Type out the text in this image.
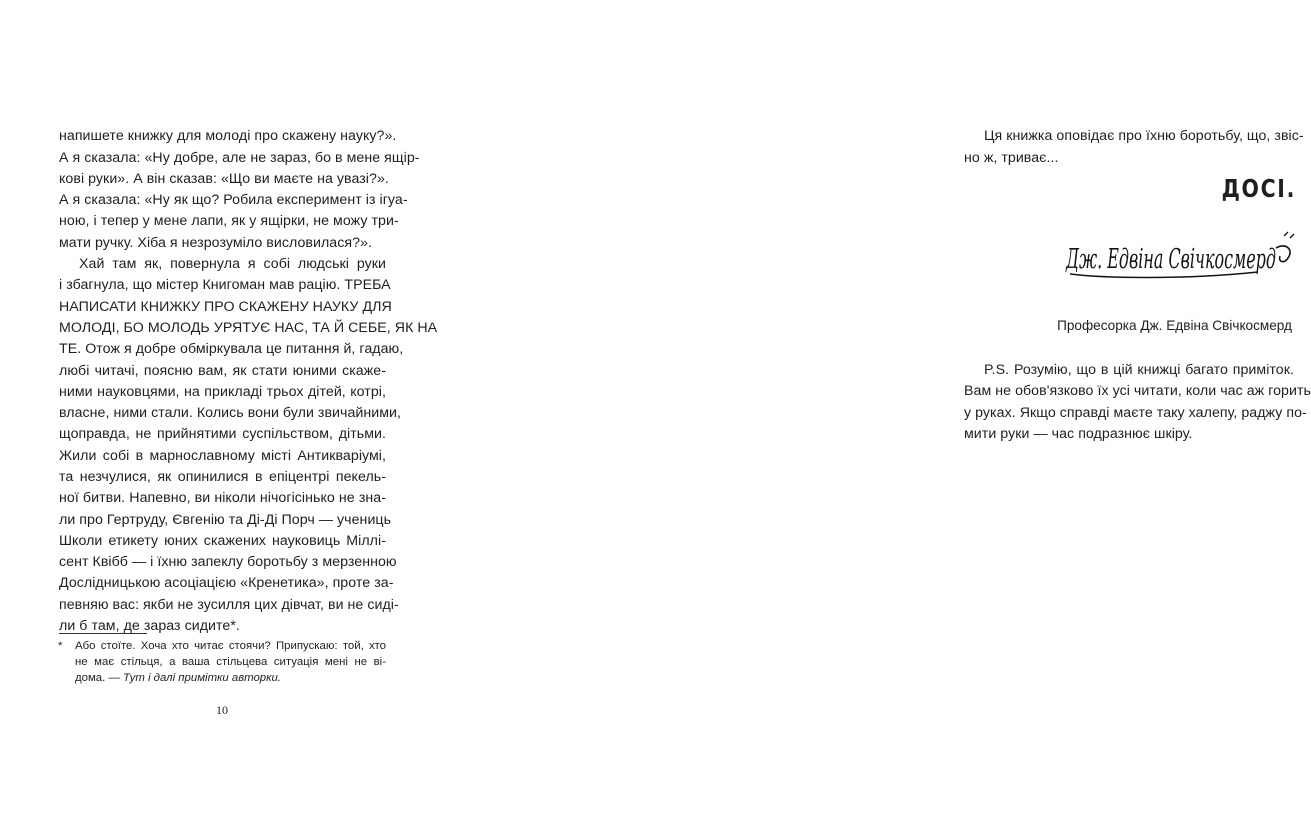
напишете книжку для молоді про скажену науку?».
А я сказала: «Ну добре, але не зараз, бо в мене ящір-
кові руки». А він сказав: «Що ви маєте на увазі?».
А я сказала: «Ну як що? Робила експеримент із ігуа-
ною, і тепер у мене лапи, як у ящірки, не можу три-
мати ручку. Хіба я незрозуміло висловилася?».
Хай там як, повернула я собі людські руки
і збагнула, що містер Книгоман мав рацію. ТРЕБА
НАПИСАТИ КНИЖКУ ПРО СКАЖЕНУ НАУКУ ДЛЯ
МОЛОДІ, БО МОЛОДЬ УРЯТУЄ НАС, ТА Й СЕБЕ, ЯК НА
ТЕ. Отож я добре обміркувала це питання й, гадаю,
любі читачі, поясню вам, як стати юними скаже-
ними науковцями, на прикладі трьох дітей, котрі,
власне, ними стали. Колись вони були звичайними,
щоправда, не прийнятими суспільством, дітьми.
Жили собі в марнославному місті Антикваріумі,
та незчулися, як опинилися в епіцентрі пекель-
ної битви. Напевно, ви ніколи нічогісінько не зна-
ли про Гертруду, Євгенію та Ді-Ді Порч — учениць
Школи етикету юних скажених науковиць Міллі-
сент Квібб — і їхню запеклу боротьбу з мерзенною
Дослідницькою асоціацією «Кренетика», проте за-
певняю вас: якби не зусилля цих дівчат, ви не сиді-
ли б там, де зараз сидите*.
* Або стоїте. Хоча хто читає стоячи? Припускаю: той, хто
не має стільця, а ваша стільцева ситуація мені не ві-
дома. — Тут і далі примітки авторки.
10
Ця книжка оповідає про їхню боротьбу, що, звіс-
но ж, триває...
ДОСІ.
Дж. Едвіна Свічкосмерд
Професорка Дж. Едвіна Свічкосмерд
P.S. Розумію, що в цій книжці багато приміток.
Вам не обов'язково їх усі читати, коли час аж горить
у руках. Якщо справді маєте таку халепу, раджу по-
мити руки — час подразнює шкіру.
